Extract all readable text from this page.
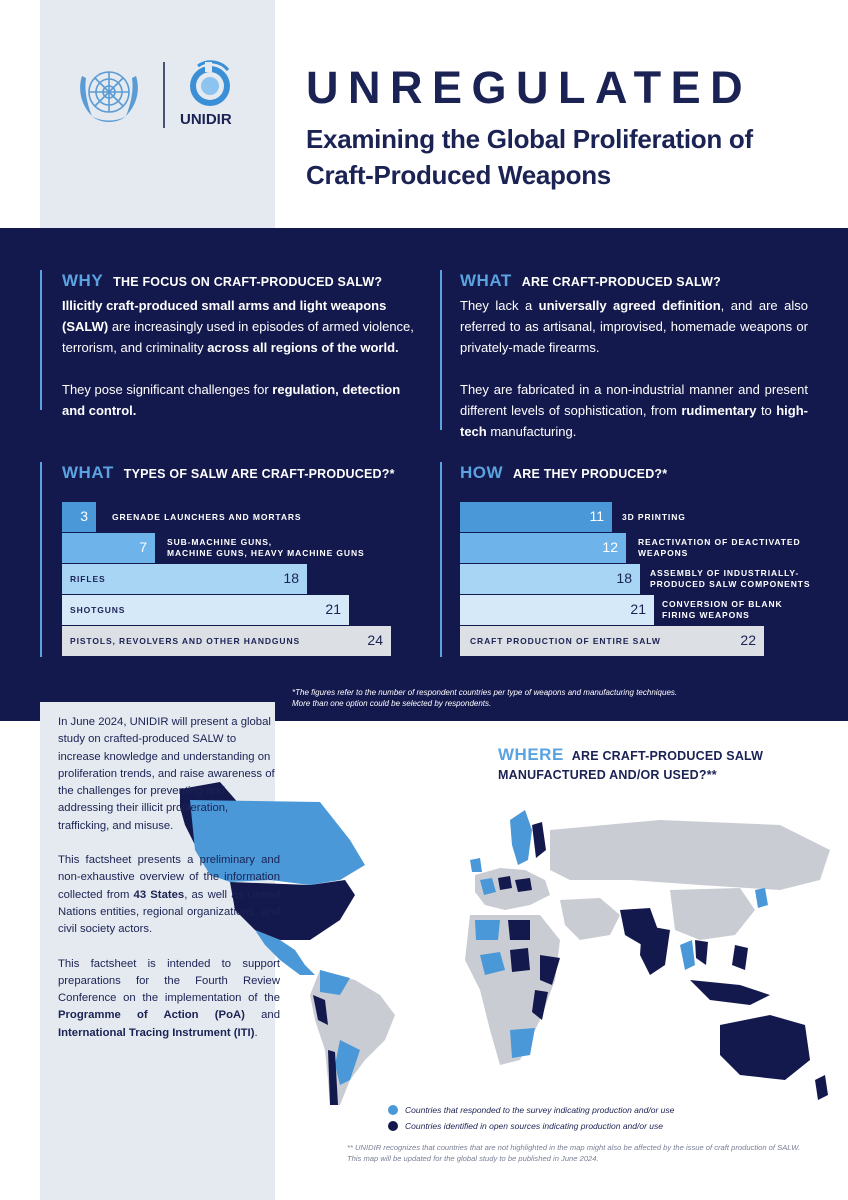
UNIDIR
UNREGULATED
Examining the Global Proliferation of Craft-Produced Weapons
WHY THE FOCUS ON CRAFT-PRODUCED SALW?

Illicitly craft-produced small arms and light weapons (SALW) are increasingly used in episodes of armed violence, terrorism, and criminality across all regions of the world.

They pose significant challenges for regulation, detection and control.

WHAT ARE CRAFT-PRODUCED SALW?

They lack a universally agreed definition, and are also referred to as artisanal, improvised, homemade weapons or privately-made firearms.

They are fabricated in a non-industrial manner and present different levels of sophistication, from rudimentary to high-tech manufacturing.

WHAT TYPES OF SALW ARE CRAFT-PRODUCED?*
3	GRENADE LAUNCHERS AND MORTARS
7 SUB-MACHINE GUNS,
MACHINE GUNS, HEAVY MACHINE GUNS
18
RIFLES
21
SHOTGUNS
24
PISTOLS, REVOLVERS AND OTHER HANDGUNS
HOW ARE THEY PRODUCED?*
11 3D PRINTING
12 REACTIVATION OF DEACTIVATED
WEAPONS
18 ASSEMBLY OF INDUSTRIALLY-
PRODUCED SALW COMPONENTS
21 CONVERSION OF BLANK
FIRING WEAPONS
22
CRAFT PRODUCTION OF ENTIRE SALW
*The figures refer to the number of respondent countries per type of weapons and manufacturing techniques.
More than one option could be selected by respondents.

In June 2024, UNIDIR will present a global study on crafted-produced SALW to increase knowledge and understanding on proliferation trends, and raise awareness of the challenges for preventing and addressing their illicit proliferation, trafficking, and misuse.

This factsheet presents a preliminary and non-exhaustive overview of the information collected from 43 States, as well as United Nations entities, regional organizations, and civil society actors.

This factsheet is intended to support preparations for the Fourth Review Conference on the implementation of the Programme of Action (PoA) and International Tracing Instrument (ITI).

WHERE ARE CRAFT-PRODUCED SALW
MANUFACTURED AND/OR USED?**
Countries that responded to the survey indicating production and/or use
Countries identified in open sources indicating production and/or use
** UNIDIR recognizes that countries that are not highlighted in the map might also be affected by the issue of craft production of SALW.
This map will be updated for the global study to be published in June 2024.
